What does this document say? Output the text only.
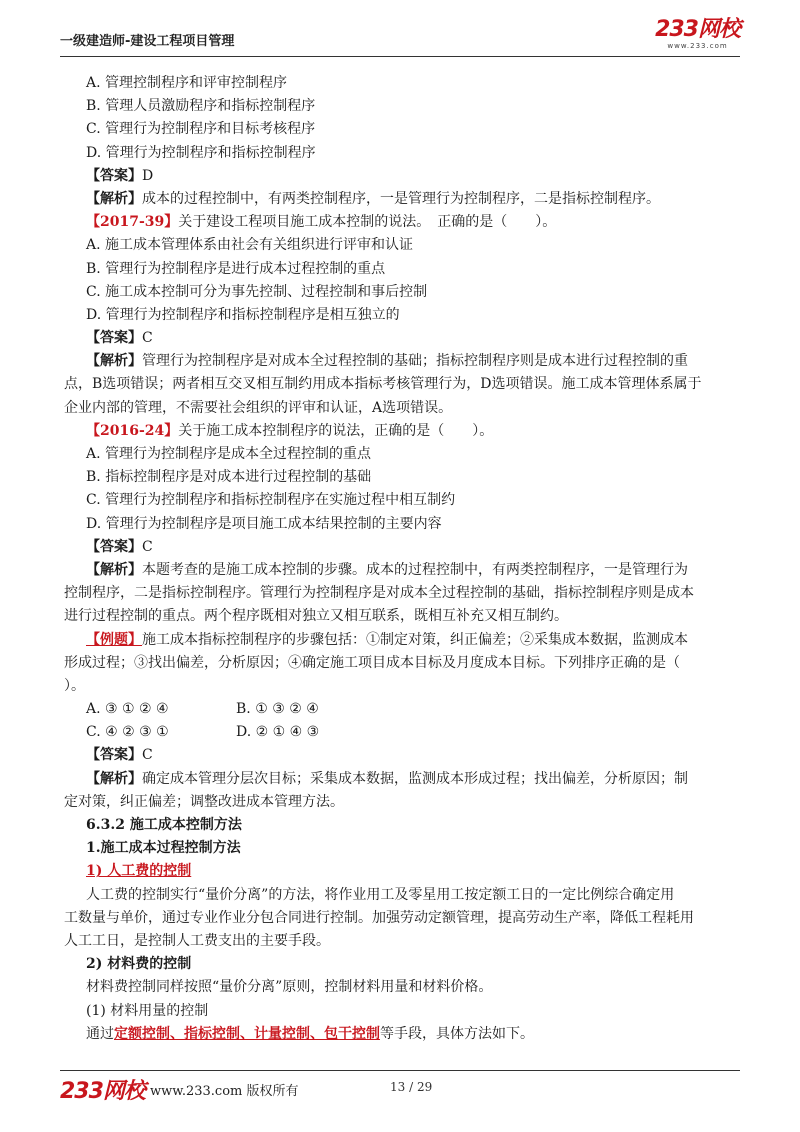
一级建造师-建设工程项目管理	233网校
www.233.com
A. 管理控制程序和评审控制程序
B. 管理人员激励程序和指标控制程序
C. 管理行为控制程序和目标考核程序
D. 管理行为控制程序和指标控制程序
【答案】D
【解析】成本的过程控制中，有两类控制程序，一是管理行为控制程序，二是指标控制程序。
【2017-39】关于建设工程项目施工成本控制的说法。　正确的是（　　）。
A. 施工成本管理体系由社会有关组织进行评审和认证
B. 管理行为控制程序是进行成本过程控制的重点
C. 施工成本控制可分为事先控制、过程控制和事后控制
D. 管理行为控制程序和指标控制程序是相互独立的
【答案】C
【解析】管理行为控制程序是对成本全过程控制的基础；指标控制程序则是成本进行过程控制的重
点，B选项错误；两者相互交叉相互制约用成本指标考核管理行为，D选项错误。施工成本管理体系属于
企业内部的管理，不需要社会组织的评审和认证，A选项错误。
【2016-24】关于施工成本控制程序的说法，正确的是（　　）。
A. 管理行为控制程序是成本全过程控制的重点
B. 指标控制程序是对成本进行过程控制的基础
C. 管理行为控制程序和指标控制程序在实施过程中相互制约
D. 管理行为控制程序是项目施工成本结果控制的主要内容
【答案】C
【解析】本题考查的是施工成本控制的步骤。成本的过程控制中，有两类控制程序，一是管理行为
控制程序，二是指标控制程序。管理行为控制程序是对成本全过程控制的基础，指标控制程序则是成本
进行过程控制的重点。两个程序既相对独立又相互联系，既相互补充又相互制约。
【例题】施工成本指标控制程序的步骤包括：①制定对策，纠正偏差；②采集成本数据，监测成本
形成过程；③找出偏差，分析原因；④确定施工项目成本目标及月度成本目标。下列排序正确的是（
）。
A. ③ ① ② ④	B. ① ③ ② ④
C. ④ ② ③ ①	D. ② ① ④ ③
【答案】C
【解析】确定成本管理分层次目标；采集成本数据，监测成本形成过程；找出偏差，分析原因；制
定对策，纠正偏差；调整改进成本管理方法。
6.3.2 施工成本控制方法
1.施工成本过程控制方法
1) 人工费的控制
人工费的控制实行“量价分离”的方法，将作业用工及零星用工按定额工日的一定比例综合确定用
工数量与单价，通过专业作业分包合同进行控制。加强劳动定额管理，提高劳动生产率，降低工程耗用
人工工日，是控制人工费支出的主要手段。
2) 材料费的控制
材料费控制同样按照“量价分离”原则，控制材料用量和材料价格。
(1) 材料用量的控制
通过定额控制、指标控制、计量控制、包干控制等手段，具体方法如下。
233网校 www.233.com 版权所有	13 / 29
